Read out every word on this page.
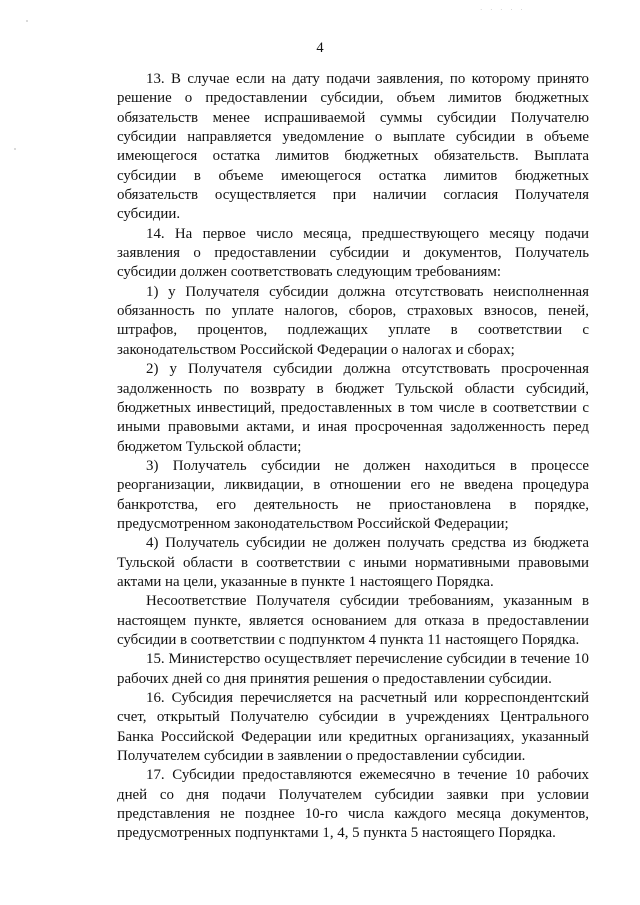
· · · · ·
4

13. В случае если на дату подачи заявления, по которому принято решение о предоставлении субсидии, объем лимитов бюджетных обязательств менее испрашиваемой суммы субсидии Получателю субсидии направляется уведомление о выплате субсидии в объеме имеющегося остатка лимитов бюджетных обязательств. Выплата субсидии в объеме имеющегося остатка лимитов бюджетных обязательств осуществляется при наличии согласия Получателя субсидии.

14. На первое число месяца, предшествующего месяцу подачи заявления о предоставлении субсидии и документов, Получатель субсидии должен соответствовать следующим требованиям:

1) у Получателя субсидии должна отсутствовать неисполненная обязанность по уплате налогов, сборов, страховых взносов, пеней, штрафов, процентов, подлежащих уплате в соответствии с законодательством Российской Федерации о налогах и сборах;

2) у Получателя субсидии должна отсутствовать просроченная задолженность по возврату в бюджет Тульской области субсидий, бюджетных инвестиций, предоставленных в том числе в соответствии с иными правовыми актами, и иная просроченная задолженность перед бюджетом Тульской области;

3) Получатель субсидии не должен находиться в процессе реорганизации, ликвидации, в отношении его не введена процедура банкротства, его деятельность не приостановлена в порядке, предусмотренном законодательством Российской Федерации;

4) Получатель субсидии не должен получать средства из бюджета Тульской области в соответствии с иными нормативными правовыми актами на цели, указанные в пункте 1 настоящего Порядка.

Несоответствие Получателя субсидии требованиям, указанным в настоящем пункте, является основанием для отказа в предоставлении субсидии в соответствии с подпунктом 4 пункта 11 настоящего Порядка.

15. Министерство осуществляет перечисление субсидии в течение 10 рабочих дней со дня принятия решения о предоставлении субсидии.

16. Субсидия перечисляется на расчетный или корреспондентский счет, открытый Получателю субсидии в учреждениях Центрального Банка Российской Федерации или кредитных организациях, указанный Получателем субсидии в заявлении о предоставлении субсидии.

17. Субсидии предоставляются ежемесячно в течение 10 рабочих дней со дня подачи Получателем субсидии заявки при условии представления не позднее 10-го числа каждого месяца документов, предусмотренных подпунктами 1, 4, 5 пункта 5 настоящего Порядка.
